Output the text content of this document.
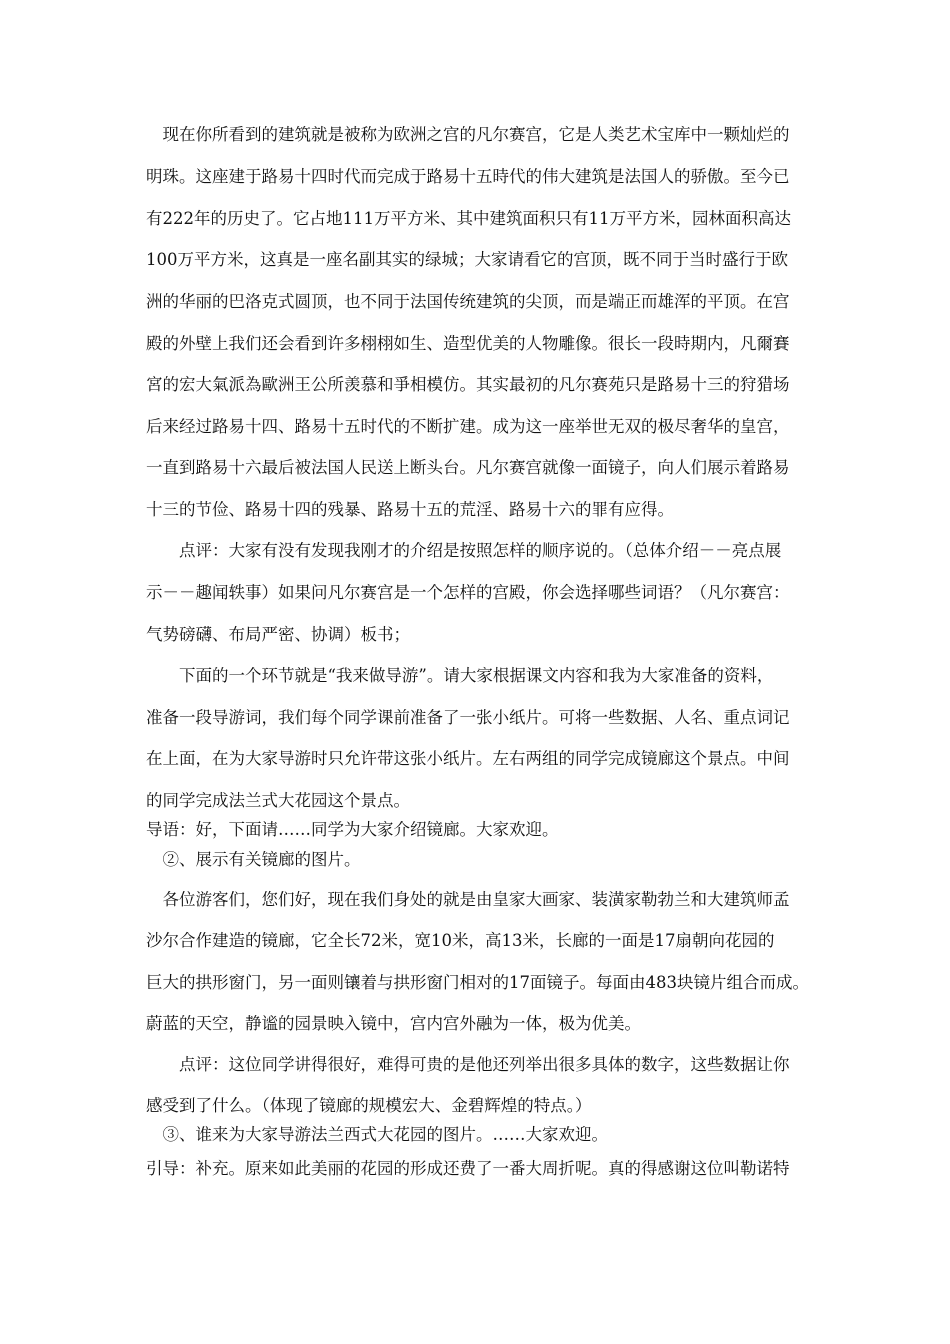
　现在你所看到的建筑就是被称为欧洲之宫的凡尔赛宫，它是人类艺术宝库中一颗灿烂的
明珠。这座建于路易十四时代而完成于路易十五時代的伟大建筑是法国人的骄傲。至今已
有222年的历史了。它占地111万平方米、其中建筑面积只有11万平方米，园林面积高达
100万平方米，这真是一座名副其实的绿城；大家请看它的宫顶，既不同于当时盛行于欧
洲的华丽的巴洛克式圆顶，也不同于法国传统建筑的尖顶，而是端正而雄浑的平顶。在宫
殿的外壁上我们还会看到许多栩栩如生、造型优美的人物雕像。很长一段時期内，凡爾賽
宮的宏大氣派為歐洲王公所羡慕和爭相模仿。其实最初的凡尔赛苑只是路易十三的狩猎场
后来经过路易十四、路易十五时代的不断扩建。成为这一座举世无双的极尽奢华的皇宫，
一直到路易十六最后被法国人民送上断头台。凡尔赛宫就像一面镜子，向人们展示着路易
十三的节俭、路易十四的残暴、路易十五的荒淫、路易十六的罪有应得。
　　点评：大家有没有发现我刚才的介绍是按照怎样的顺序说的。（总体介绍－－亮点展
示－－趣闻轶事）如果问凡尔赛宫是一个怎样的宫殿，你会选择哪些词语？（凡尔赛宫：
气势磅礴、布局严密、协调）板书；
　　下面的一个环节就是“我来做导游”。请大家根据课文内容和我为大家准备的资料，
准备一段导游词，我们每个同学课前准备了一张小纸片。可将一些数据、人名、重点词记
在上面，在为大家导游时只允许带这张小纸片。左右两组的同学完成镜廊这个景点。中间
的同学完成法兰式大花园这个景点。
导语：好，下面请……同学为大家介绍镜廊。大家欢迎。
　②、展示有关镜廊的图片。
　各位游客们，您们好，现在我们身处的就是由皇家大画家、装潢家勒勃兰和大建筑师孟
沙尔合作建造的镜廊，它全长72米，宽10米，高13米，长廊的一面是17扇朝向花园的
巨大的拱形窗门，另一面则镶着与拱形窗门相对的17面镜子。每面由483块镜片组合而成。
蔚蓝的天空，静谧的园景映入镜中，宫内宫外融为一体，极为优美。
　　点评：这位同学讲得很好，难得可贵的是他还列举出很多具体的数字，这些数据让你
感受到了什么。（体现了镜廊的规模宏大、金碧辉煌的特点。）
　③、谁来为大家导游法兰西式大花园的图片。……大家欢迎。
引导：补充。原来如此美丽的花园的形成还费了一番大周折呢。真的得感谢这位叫勒诺特
